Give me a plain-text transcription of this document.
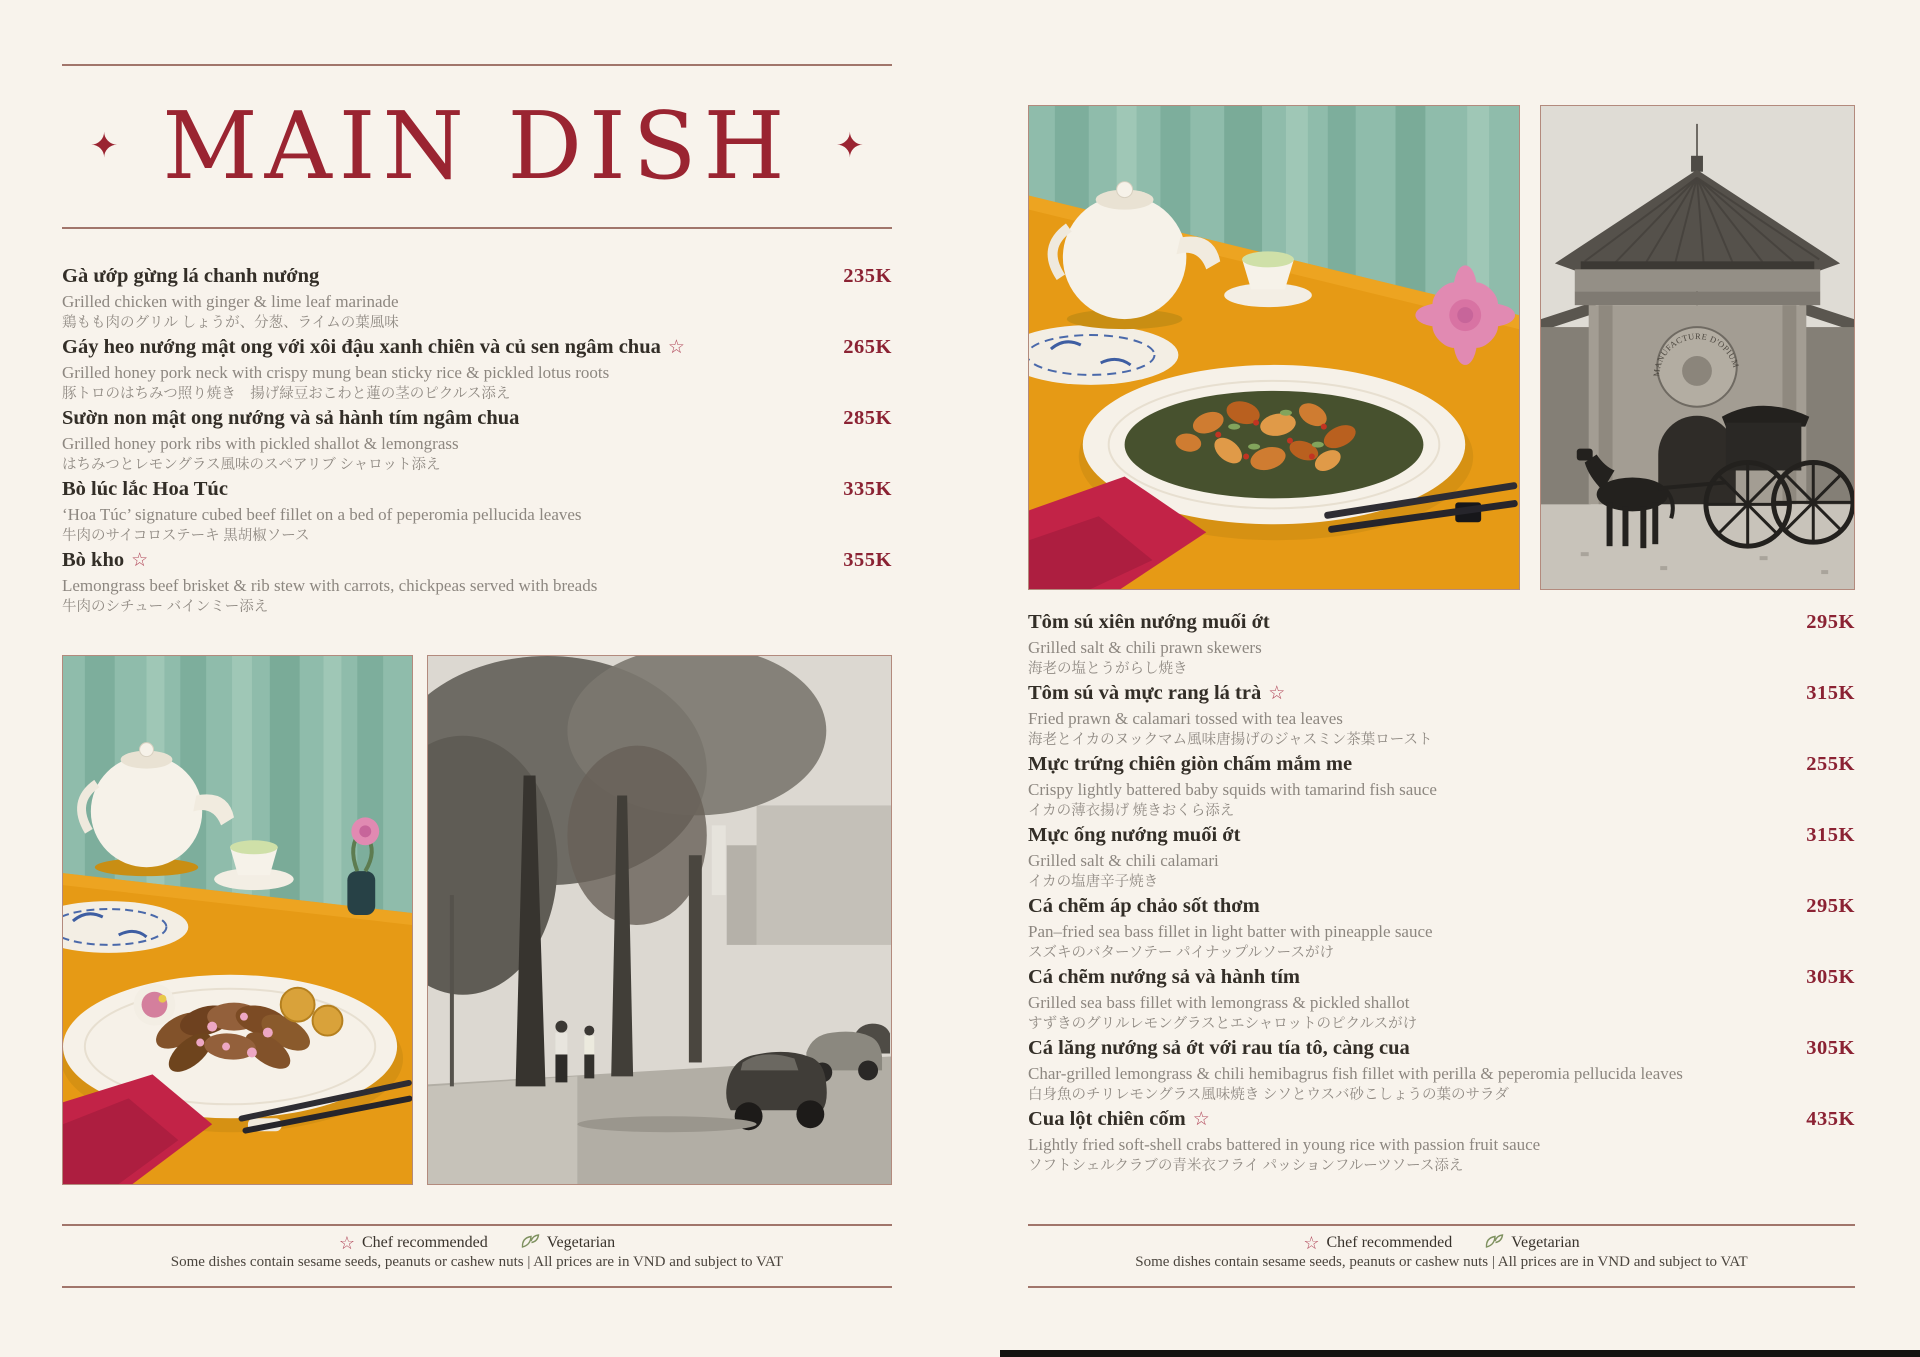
✦ MAIN DISH ✦
Gà ướp gừng lá chanh nướng
Grilled chicken with ginger & lime leaf marinade
鶏もも肉のグリル しょうが、分葱、ライムの葉風味
235K
Gáy heo nướng mật ong với xôi đậu xanh chiên và củ sen ngâm chua ☆
Grilled honey pork neck with crispy mung bean sticky rice & pickled lotus roots
豚トロのはちみつ照り焼き　揚げ緑豆おこわと蓮の茎のピクルス添え
265K
Sườn non mật ong nướng và sả hành tím ngâm chua
Grilled honey pork ribs with pickled shallot & lemongrass
はちみつとレモングラス風味のスペアリブ シャロット添え
285K
Bò lúc lắc Hoa Túc
‘Hoa Túc’ signature cubed beef fillet on a bed of peperomia pellucida leaves
牛肉のサイコロステーキ 黒胡椒ソース
335K
Bò kho ☆
Lemongrass beef brisket & rib stew with carrots, chickpeas served with breads
牛肉のシチュー バインミー添え
355K
☆ Chef recommended	Vegetarian
Some dishes contain sesame seeds, peanuts or cashew nuts | All prices are in VND and subject to VAT
MANUFACTURE D'OPIUM
Tôm sú xiên nướng muối ớt
Grilled salt & chili prawn skewers
海老の塩とうがらし焼き
295K
Tôm sú và mực rang lá trà ☆
Fried prawn & calamari tossed with tea leaves
海老とイカのヌックマム風味唐揚げのジャスミン茶葉ロースト
315K
Mực trứng chiên giòn chấm mắm me
Crispy lightly battered baby squids with tamarind fish sauce
イカの薄衣揚げ 焼きおくら添え
255K
Mực ống nướng muối ớt
Grilled salt & chili calamari
イカの塩唐辛子焼き
315K
Cá chẽm áp chảo sốt thơm
Pan–fried sea bass fillet in light batter with pineapple sauce
スズキのバターソテー パイナップルソースがけ
295K
Cá chẽm nướng sả và hành tím
Grilled sea bass fillet with lemongrass & pickled shallot
すずきのグリルレモングラスとエシャロットのピクルスがけ
305K
Cá lăng nướng sả ớt với rau tía tô, càng cua
Char-grilled lemongrass & chili hemibagrus fish fillet with perilla & peperomia pellucida leaves
白身魚のチリレモングラス風味焼き シソとウスバ砂こしょうの葉のサラダ
305K
Cua lột chiên cốm ☆
Lightly fried soft-shell crabs battered in young rice with passion fruit sauce
ソフトシェルクラブの青米衣フライ パッションフルーツソース添え
435K
☆ Chef recommended	Vegetarian
Some dishes contain sesame seeds, peanuts or cashew nuts | All prices are in VND and subject to VAT
